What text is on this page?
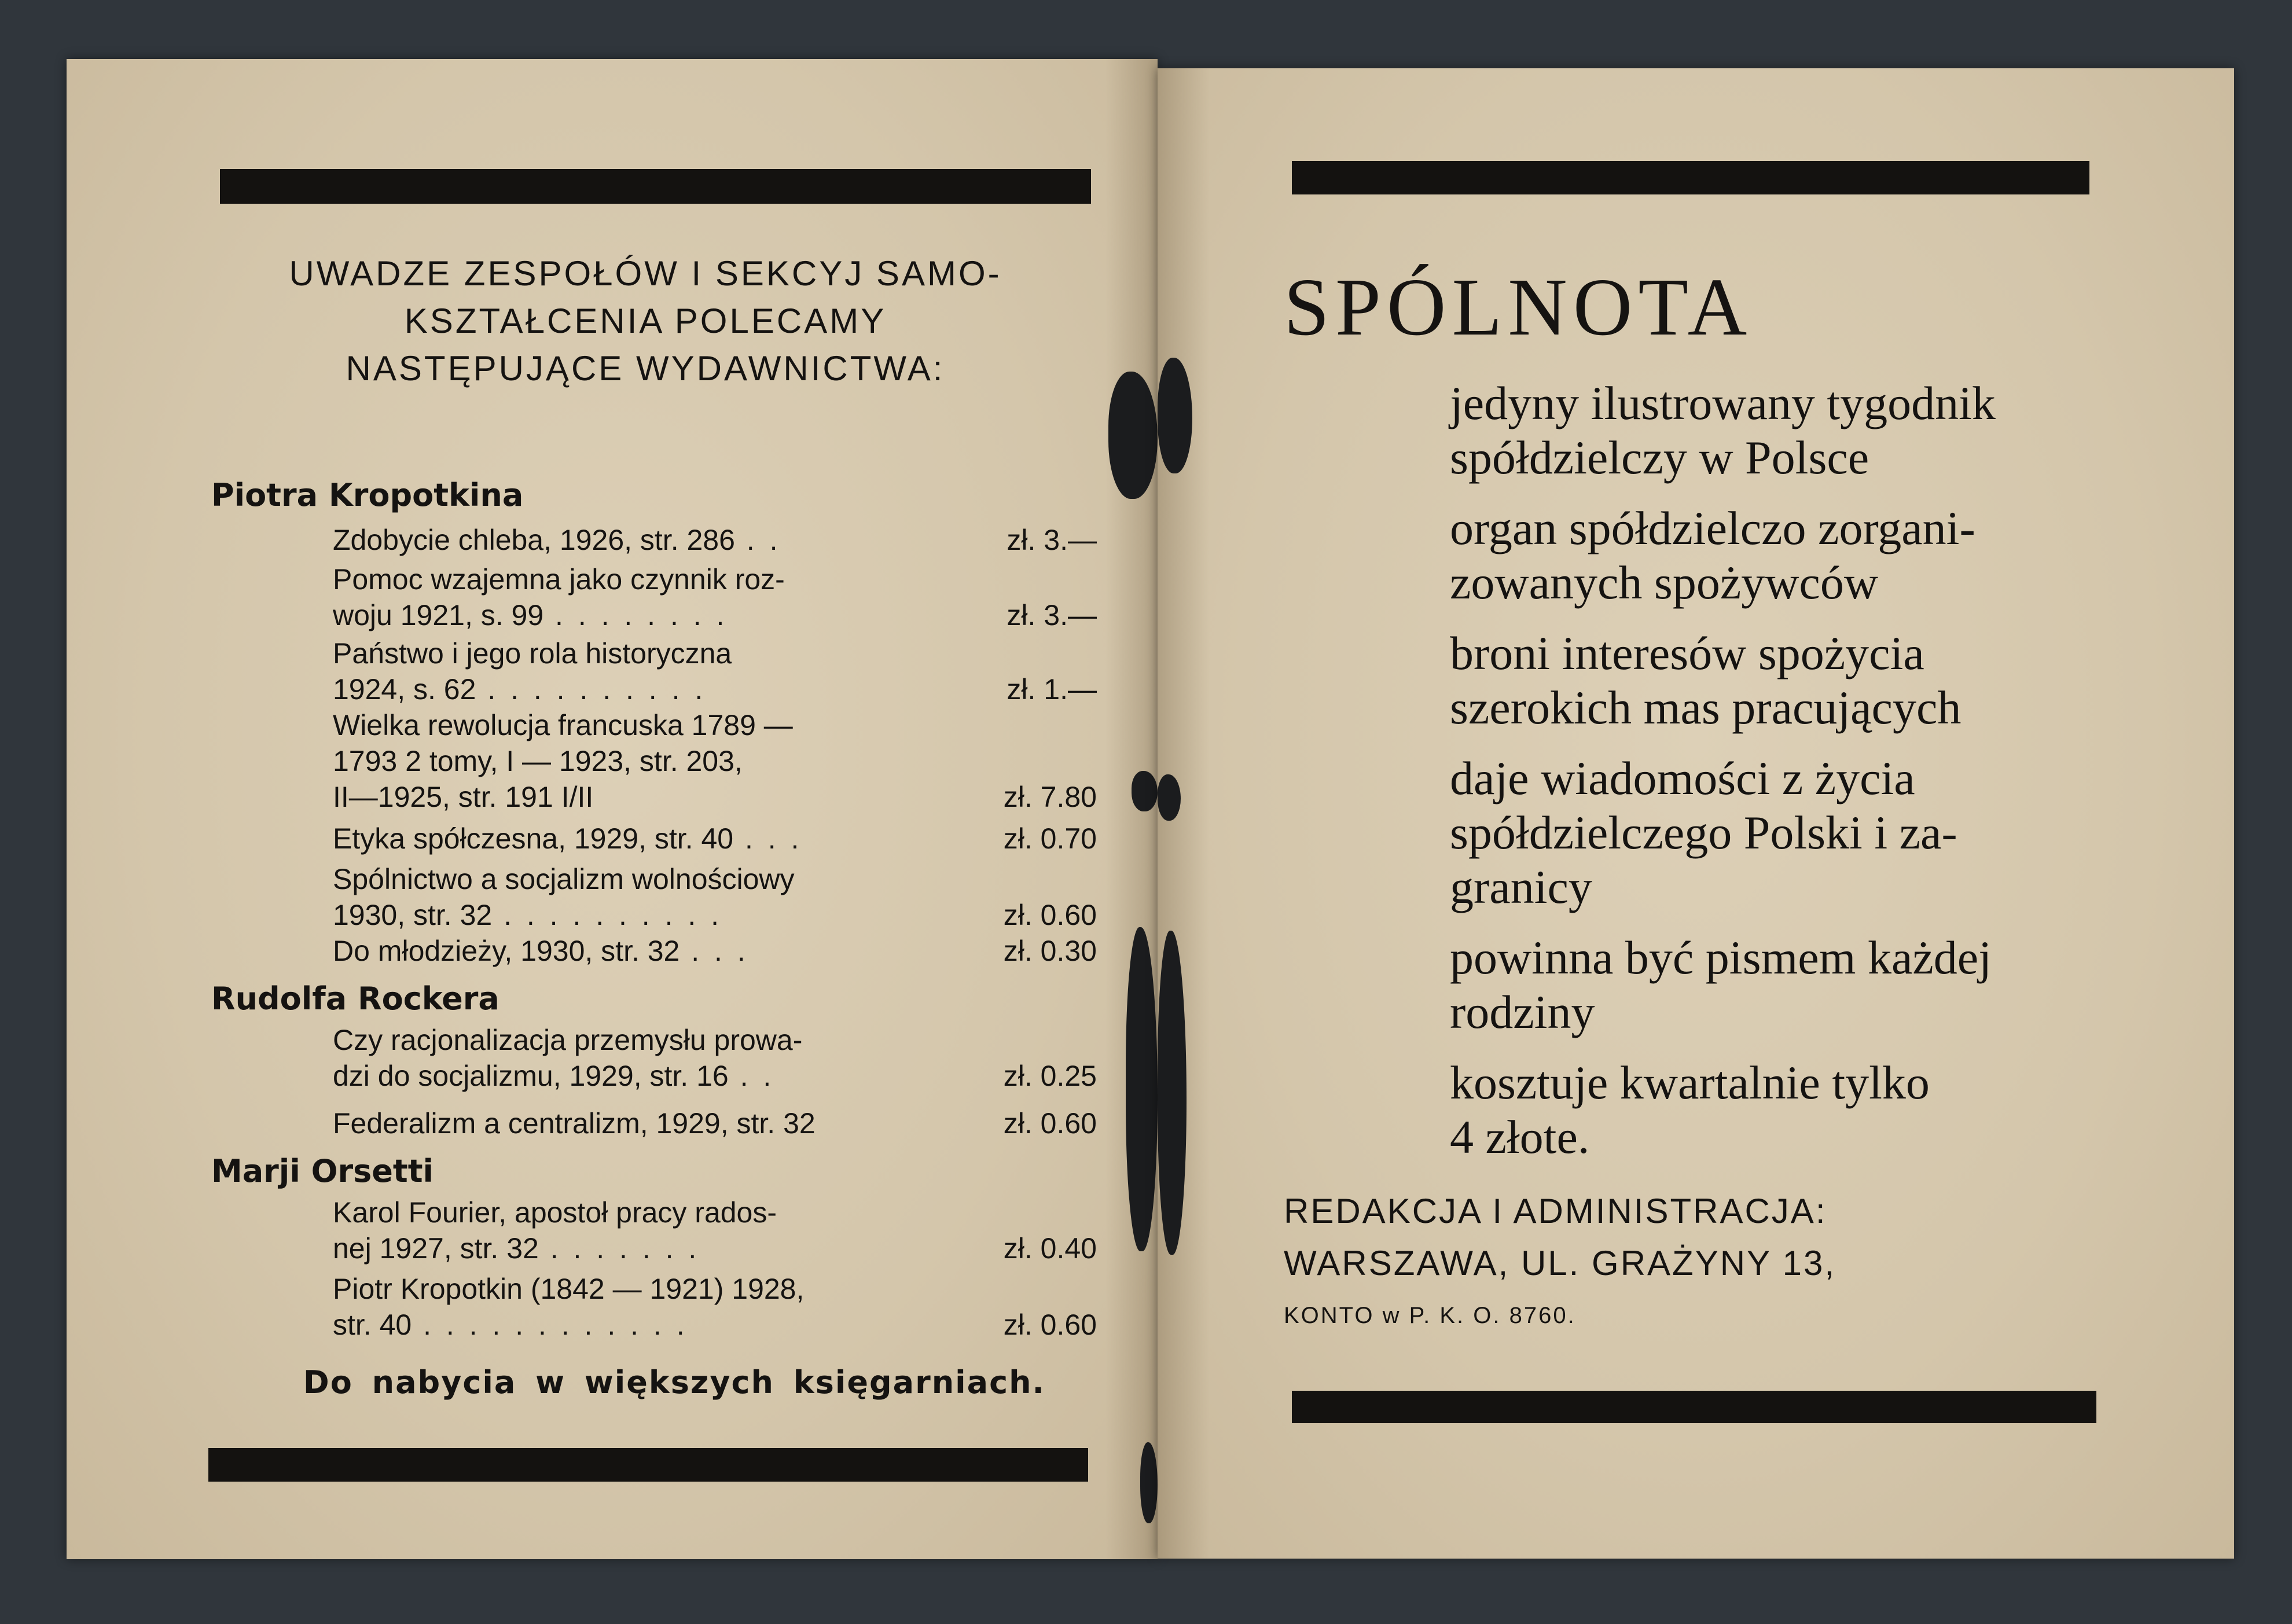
UWADZE ZESPOŁÓW I SEKCYJ SAMO-
KSZTAŁCENIA POLECAMY
NASTĘPUJĄCE WYDAWNICTWA:
Piotra Kropotkina
Zdobycie chleba, 1926, str. 286 . .	zł. 3.—
Pomoc wzajemna jako czynnik roz-
woju 1921, s. 99 . . . . . . . .	zł. 3.—
Państwo i jego rola historyczna
1924, s. 62 . . . . . . . . . .	zł. 1.—
Wielka rewolucja francuska 1789 —
1793 2 tomy, I — 1923, str. 203,
II—1925, str. 191 I/II	zł. 7.80
Etyka spółczesna, 1929, str. 40 . . .	zł. 0.70
Spólnictwo a socjalizm wolnościowy
1930, str. 32 . . . . . . . . . .	zł. 0.60
Do młodzieży, 1930, str. 32 . . .	zł. 0.30
Rudolfa Rockera
Czy racjonalizacja przemysłu prowa-
dzi do socjalizmu, 1929, str. 16 . .	zł. 0.25
Federalizm a centralizm, 1929, str. 32	zł. 0.60
Marji Orsetti
Karol Fourier, apostoł pracy rados-
nej 1927, str. 32 . . . . . . .	zł. 0.40
Piotr Kropotkin (1842 — 1921) 1928,
str. 40 . . . . . . . . . . . .	zł. 0.60
Do nabycia w większych księgarniach.
SPÓLNOTA
jedyny ilustrowany tygodnik
spółdzielczy w Polsce
organ spółdzielczo zorgani-
zowanych spożywców
broni interesów spożycia
szerokich mas pracujących
daje wiadomości z życia
spółdzielczego Polski i za-
granicy
powinna być pismem każdej
rodziny
kosztuje kwartalnie tylko
4 złote.
REDAKCJA I ADMINISTRACJA:
WARSZAWA, UL. GRAŻYNY 13,
KONTO w P. K. O. 8760.
